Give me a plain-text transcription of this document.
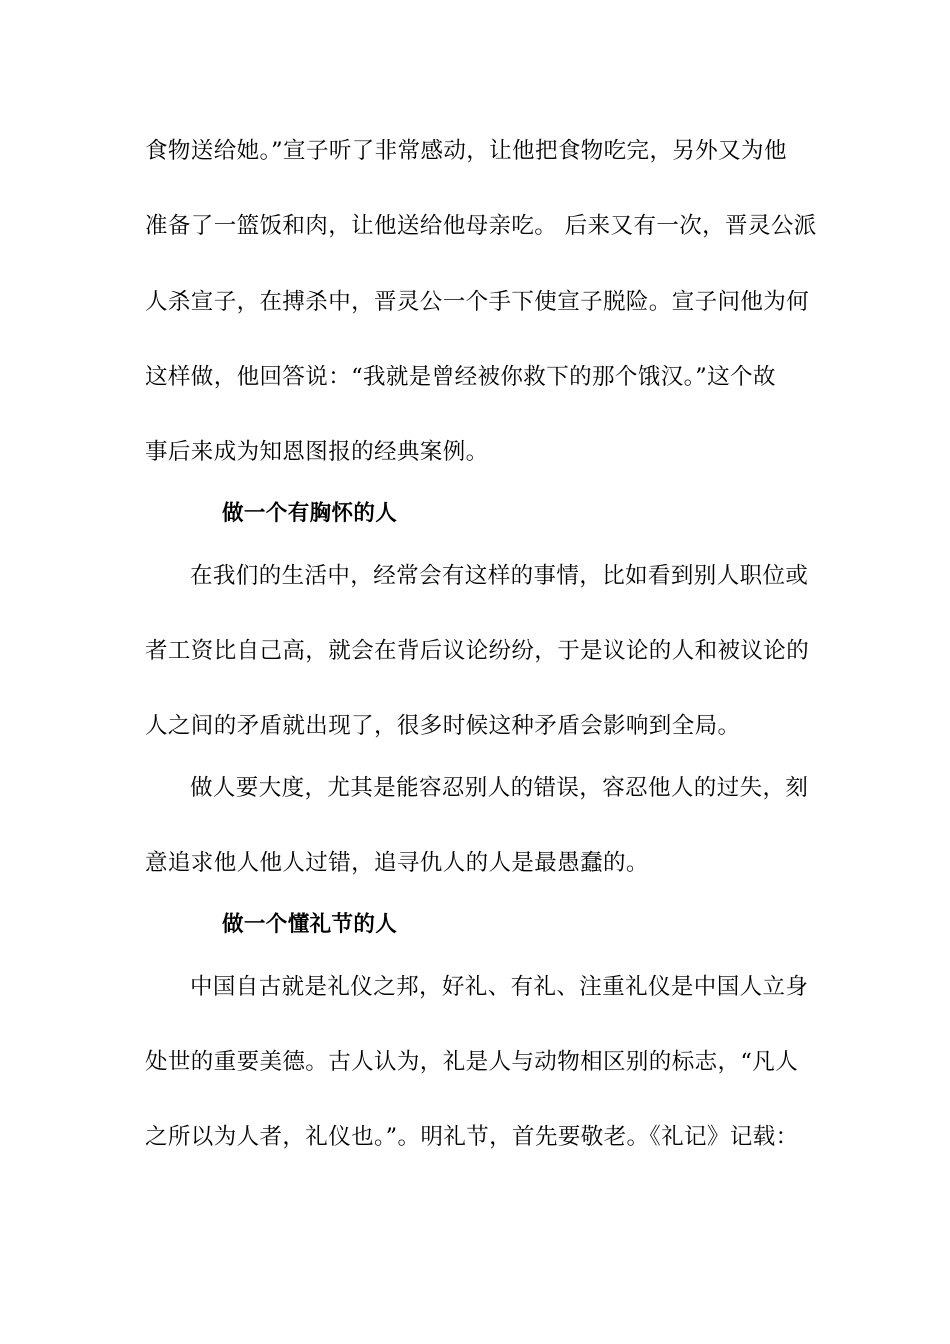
食物送给她。”宣子听了非常感动，让他把食物吃完，另外又为他
准备了一篮饭和肉，让他送给他母亲吃。 后来又有一次，晋灵公派
人杀宣子，在搏杀中，晋灵公一个手下使宣子脱险。宣子问他为何
这样做，他回答说：“我就是曾经被你救下的那个饿汉。”这个故
事后来成为知恩图报的经典案例。
做一个有胸怀的人
在我们的生活中，经常会有这样的事情，比如看到别人职位或
者工资比自己高，就会在背后议论纷纷，于是议论的人和被议论的
人之间的矛盾就出现了，很多时候这种矛盾会影响到全局。
做人要大度，尤其是能容忍别人的错误，容忍他人的过失，刻
意追求他人他人过错，追寻仇人的人是最愚蠢的。
做一个懂礼节的人
中国自古就是礼仪之邦，好礼、有礼、注重礼仪是中国人立身
处世的重要美德。古人认为，礼是人与动物相区别的标志，“凡人
之所以为人者，礼仪也。”。明礼节，首先要敬老。《礼记》记载：
